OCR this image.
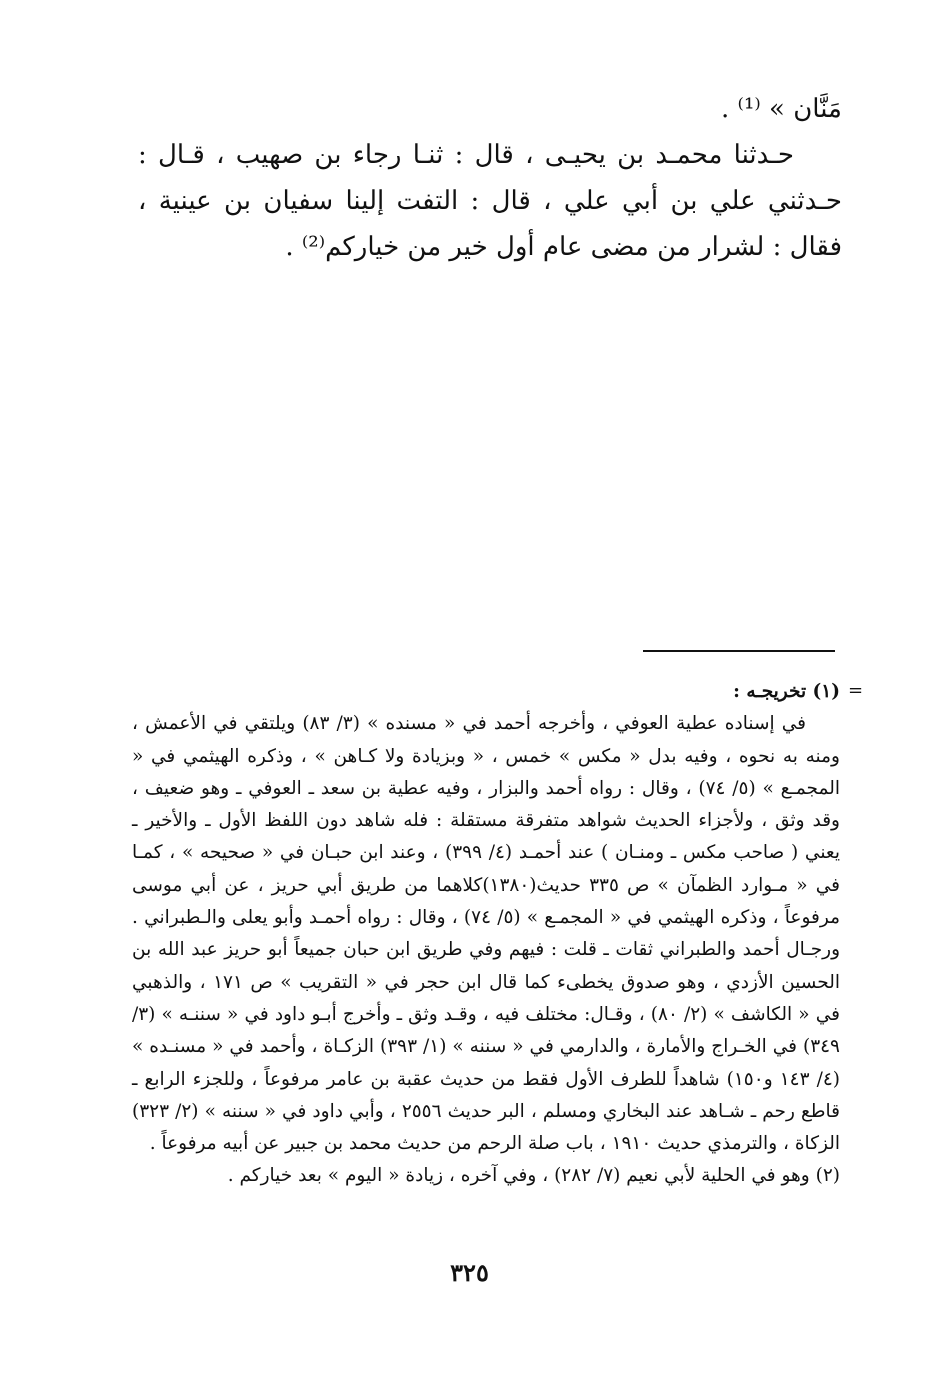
مَنَّان » ⁽¹⁾ .

حـدثنا محمـد بن يحيـى ، قال : ثنـا رجاء بن صهيب ، قـال : حـدثني علي بن أبي علي ، قال : التفت إلينا سفيان بن عينية ، فقال : لشرار من مضى عام أول خير من خياركم⁽²⁾ .

=

(١) تخريجـه :

في إسناده عطية العوفي ، وأخرجه أحمد في « مسنده » (٣/ ٨٣) ويلتقي في الأعمش ، ومنه به نحوه ، وفيه بدل « مكس » خمس ، « وبزيادة ولا كـاهن » ، وذكره الهيثمي في « المجمـع » (٥/ ٧٤) ، وقال : رواه أحمد والبزار ، وفيه عطية بن سعد ـ العوفي ـ وهو ضعيف ، وقد وثق ، ولأجزاء الحديث شواهد متفرقة مستقلة : فله شاهد دون اللفظ الأول ـ والأخير ـ يعني ( صاحب مكس ـ ومنـان ) عند أحمـد (٤/ ٣٩٩) ، وعند ابن حبـان في « صحيحه » ، كمـا في « مـوارد الظمآن » ص ٣٣٥ حديث(١٣٨٠)كلاهما من طريق أبي حريز ، عن أبي موسى مرفوعاً ، وذكره الهيثمي في « المجمـع » (٥/ ٧٤) ، وقال : رواه أحمـد وأبو يعلى والـطبراني . ورجـال أحمد والطبراني ثقات ـ قلت : فيهم وفي طريق ابن حبان جميعاً أبو حريز عبد الله بن الحسين الأزدي ، وهو صدوق يخطىء كما قال ابن حجر في « التقريب » ص ١٧١ ، والذهبي في « الكاشف » (٢/ ٨٠) ، وقـال: مختلف فيه ، وقـد وثق ـ وأخرج أبـو داود في « سننـه » (٣/ ٣٤٩) في الخـراج والأمارة ، والدارمي في « سننه » (١/ ٣٩٣) الزكـاة ، وأحمد في « مسنـده » (٤/ ١٤٣ و١٥٠) شاهداً للطرف الأول فقط من حديث عقبة بن عامر مرفوعاً ، وللجزء الرابع ـ قاطع رحم ـ شـاهد عند البخاري ومسلم ، البر حديث ٢٥٥٦ ، وأبي داود في « سننه » (٢/ ٣٢٣) الزكاة ، والترمذي حديث ١٩١٠ ، باب صلة الرحم من حديث محمد بن جبير عن أبيه مرفوعاً .

(٢) وهو في الحلية لأبي نعيم (٧/ ٢٨٢) ، وفي آخره ، زيادة « اليوم » بعد خياركم .

٣٢٥
